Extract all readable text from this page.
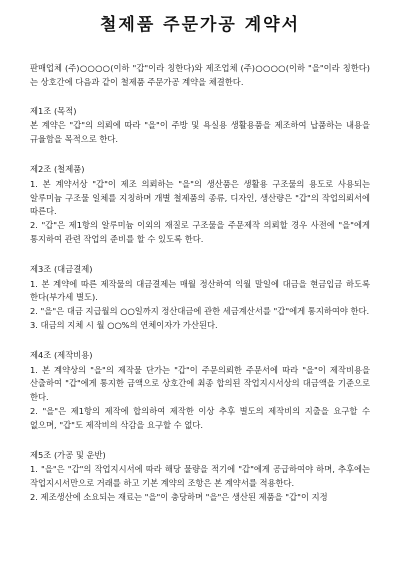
철제품 주문가공 계약서

판매업체 (주)○○○○(이하 "갑"이라 칭한다)와 제조업체 (주)○○○○(이하 "을"이라 칭한다)는 상호간에 다음과 같이 철제품 주문가공 계약을 체결한다.

제1조 (목적)

본 계약은 "갑"의 의뢰에 따라 "을"이 주방 및 욕실용 생활용품을 제조하여 납품하는 내용을 규율함을 목적으로 한다.

제2조 (철제품)

1. 본 계약서상 "갑"이 제조 의뢰하는 "을"의 생산품은 생활용 구조물의 용도로 사용되는 알루미늄 구조물 일체를 지칭하며 개별 철제품의 종류, 디자인, 생산량은 "갑"의 작업의뢰서에 따른다.

2. "갑"은 제1항의 알루미늄 이외의 재질로 구조물을 주문제작 의뢰할 경우 사전에 "을"에게 통지하여 관련 작업의 준비를 할 수 있도록 한다.

제3조 (대금결제)

1. 본 계약에 따른 제작물의 대금결제는 매월 정산하여 익월 말일에 대금을 현금입금 하도록 한다(부가세 별도).

2. "을"은 대금 지급월의 ○○일까지 정산대금에 관한 세금계산서를 "갑"에게 통지하여야 한다.

3. 대금의 지체 시 월 ○○%의 연체이자가 가산된다.

제4조 (제작비용)

1. 본 계약상의 "을"의 제작물 단가는 "갑"이 주문의뢰한 주문서에 따라 "을"이 제작비용을 산출하여 "갑"에게 통지한 금액으로 상호간에 최종 합의된 작업지시서상의 대금액을 기준으로 한다.

2. "을"은 제1항의 제작에 합의하여 제작한 이상 추후 별도의 제작비의 지출을 요구할 수 없으며, "갑"도 제작비의 삭감을 요구할 수 없다.

제5조 (가공 및 운반)

1. "을"은 "갑"의 작업지시서에 따라 해당 물량을 적기에 "갑"에게 공급하여야 하며, 추후에는 작업지시서만으로 거래를 하고 기본 계약의 조항은 본 계약서를 적용한다.

2. 제조생산에 소요되는 재료는 "을"이 충당하며 "을"은 생산된 제품을 "갑"이 지정
